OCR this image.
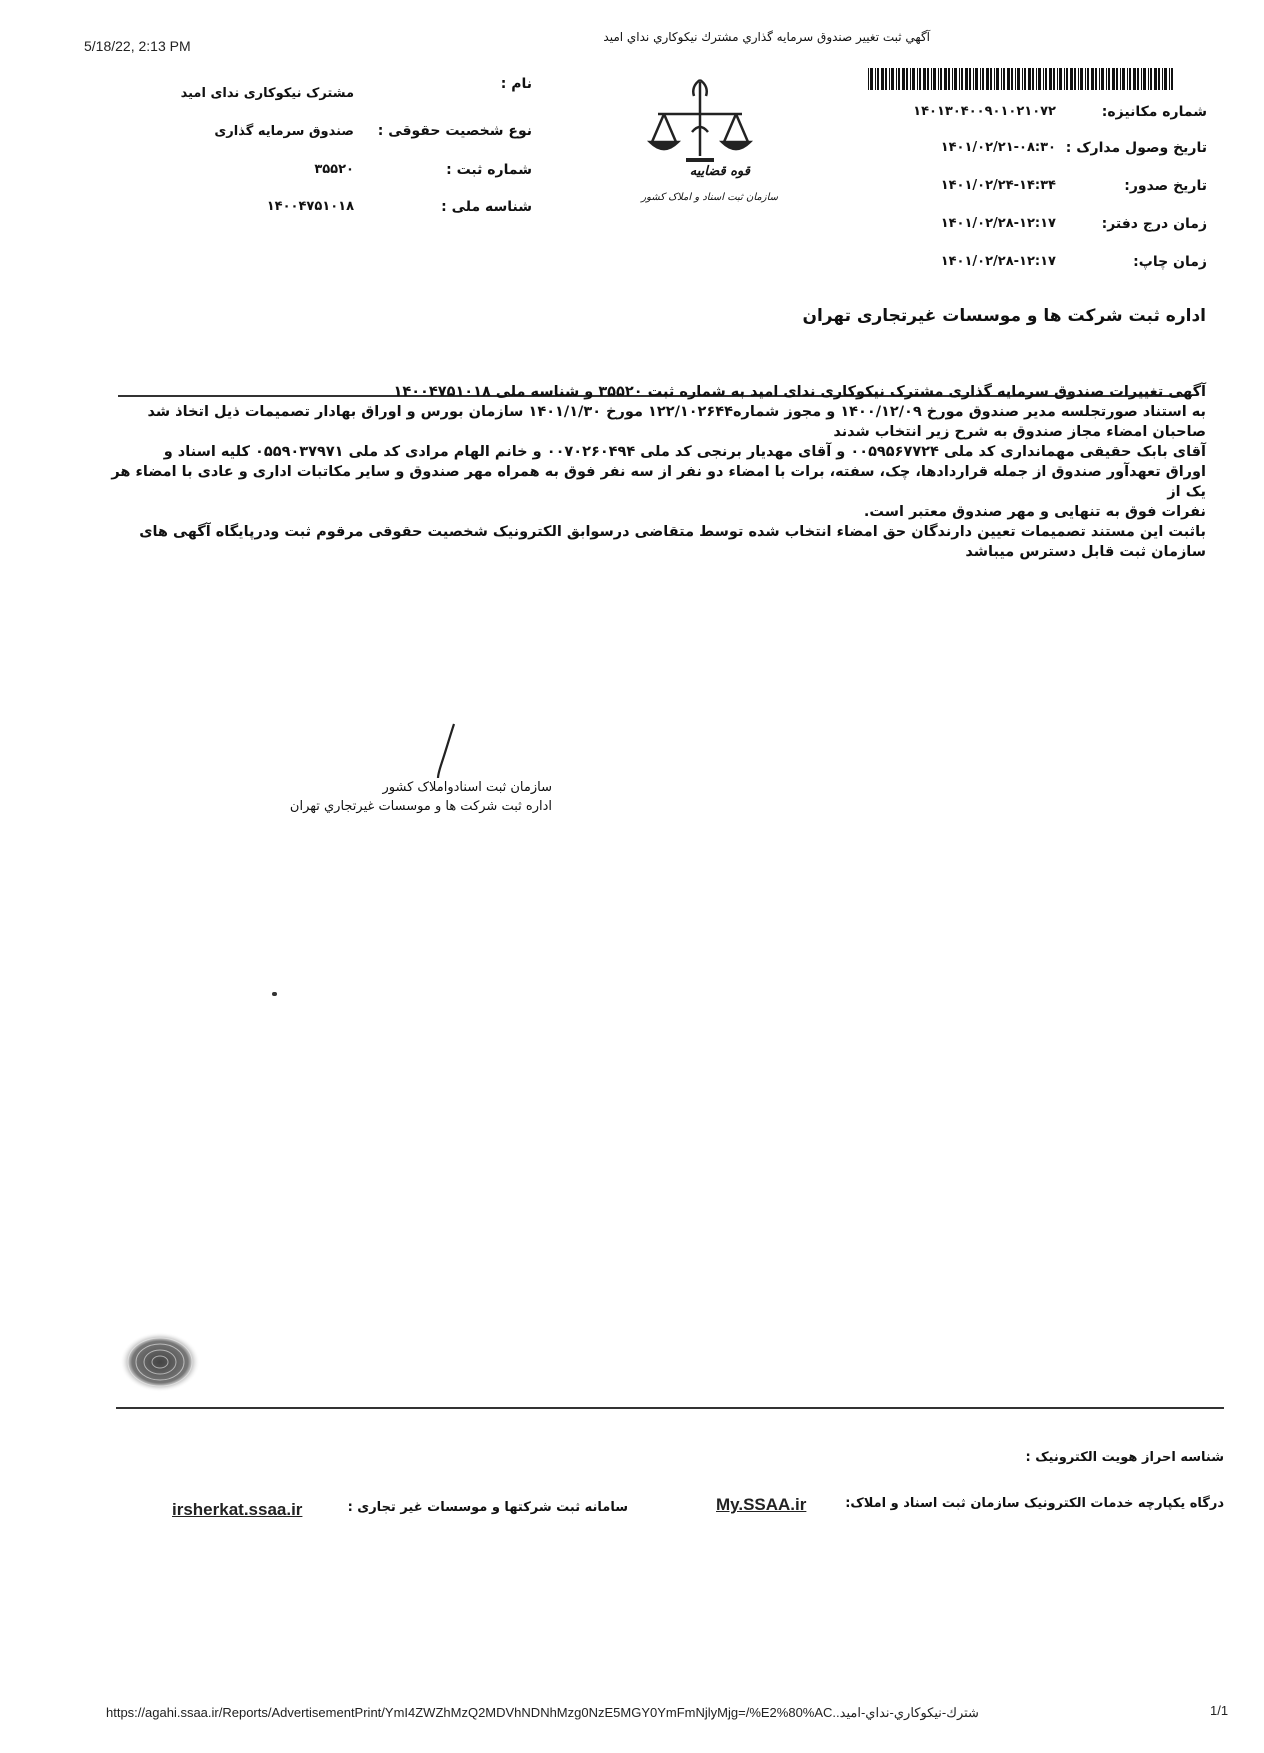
5/18/22, 2:13 PM
آگهي ثبت تغيير صندوق سرمايه گذاري مشترك نيكوكاري نداي اميد
نام :
مشترک نیکوکاری ندای امید
نوع شخصیت حقوقی :
صندوق سرمایه گذاری
شماره ثبت :
۳۵۵۲۰
شناسه ملی :
۱۴۰۰۴۷۵۱۰۱۸
قوه قضاییه
سازمان ثبت اسناد و املاک کشور
شماره مکانیزه:
۱۴۰۱۳۰۴۰۰۹۰۱۰۲۱۰۷۲
تاریخ وصول مدارک :
۱۴۰۱/۰۲/۲۱-۰۸:۳۰
تاریخ صدور:
۱۴۰۱/۰۲/۲۴-۱۴:۳۴
زمان درج دفتر:
۱۴۰۱/۰۲/۲۸-۱۲:۱۷
زمان چاپ:
۱۴۰۱/۰۲/۲۸-۱۲:۱۷
اداره ثبت شرکت ها و موسسات غیرتجاری تهران

آگهی تغییرات صندوق سرمایه گذاری مشترک نیکوکاری ندای امید به شماره ثبت ۳۵۵۲۰ و شناسه ملی ۱۴۰۰۴۷۵۱۰۱۸

به استناد صورتجلسه مدیر صندوق مورخ ۱۴۰۰/۱۲/۰۹ و مجوز شماره۱۲۲/۱۰۲۶۴۴ مورخ ۱۴۰۱/۱/۳۰ سازمان بورس و اوراق بهادار تصمیمات ذیل اتخاذ شد

صاحبان امضاء مجاز صندوق به شرح زیر انتخاب شدند

آقای بابک حقیقی مهمانداری کد ملی ۰۰۵۹۵۶۷۷۲۴ و آقای مهدیار برنجی کد ملی ۰۰۷۰۲۶۰۴۹۴ و خانم الهام مرادی کد ملی ۰۵۵۹۰۳۷۹۷۱ کلیه اسناد و

اوراق تعهدآور صندوق از جمله قراردادها، چک، سفته، برات با امضاء دو نفر از سه نفر فوق به همراه مهر صندوق و سایر مکاتبات اداری و عادی با امضاء هر یک از

نفرات فوق به تنهایی و مهر صندوق معتبر است.

باثبت این مستند تصمیمات تعیین دارندگان حق امضاء انتخاب شده توسط متقاضی درسوابق الکترونیک شخصیت حقوقی مرقوم ثبت ودرپایگاه آگهی های

سازمان ثبت قابل دسترس میباشد

سازمان ثبت اسنادواملاک کشور
اداره ثبت شرکت ها و موسسات غیرتجاري تهران
شناسه احراز هویت الکترونیک :
درگاه یکپارچه خدمات الکترونیک سازمان ثبت اسناد و املاک:
My.SSAA.ir
سامانه ثبت شرکتها و موسسات غیر تجاری :
irsherkat.ssaa.ir
https://agahi.ssaa.ir/Reports/AdvertisementPrint/YmI4ZWZhMzQ2MDVhNDNhMzg0NzE5MGY0YmFmNjlyMjg=/%E2%80%AC..شترك-نيكوكاري-نداي-اميد	1/1
